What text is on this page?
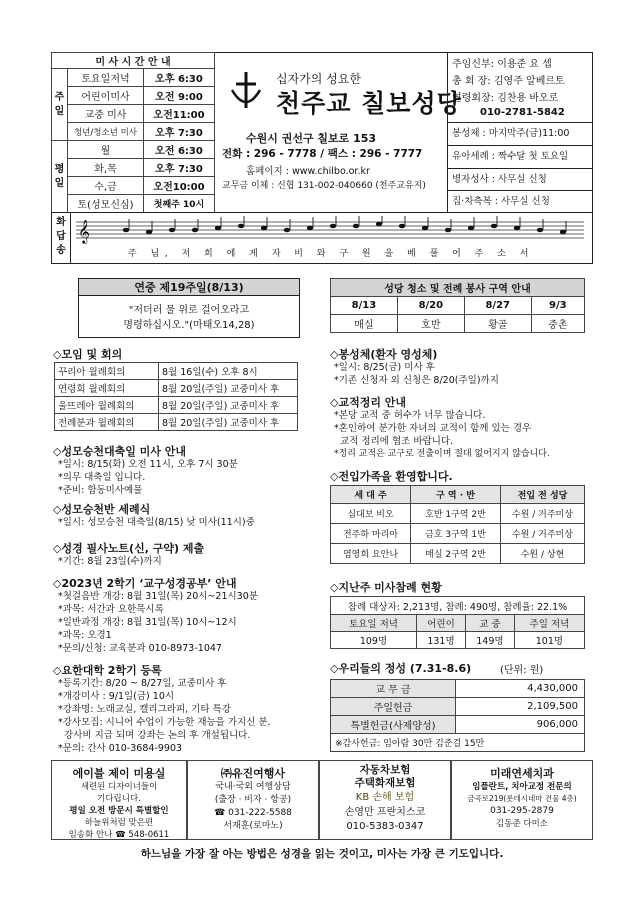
미 사 시 간 안 내		
주일	토요일저녁	오후 6:30
	어린이미사	오전 9:00
	교중 미사	오전11:00
	청년/청소년 미사	오후 7:30
평일	월	오전 6:30
	화,목	오후 7:30
	수,금	오전10:00
	토(성모신심)	첫째주 10시
십자가의 성요한
천주교 칠보성당
수원시 권선구 칠보로 153
전화 : 296 - 7778 / 팩스 : 296 - 7777
홈페이지 : www.chilbo.or.kr
교무금 이체 : 신협 131-002-040660 (천주교유지)
주임신부: 이용준 요 셉
총 회 장: 김영주 알베르토
연령회장: 김찬용 바오로
010-2781-5842
봉성체 : 마지막주(금)11:00
유아세례 : 짝수달 첫 토요일
병자성사 : 사무실 신청
집·차축복 : 사무실 신청
화답송
𝄞
주 님, 저 희 에 게 자 비 와 구 원 을 베 풀 어 주 소 서
연중 제19주일(8/13)
"저더러 물 위로 걸어오라고
명령하십시오."(마태오14,28)
성당 청소 및 전례 봉사 구역 안내			
8/13	8/20	8/27	9/3
매실	호반	황골	중촌
◇모임 및 회의
꾸리아 월례회의	8월 16일(수) 오후 8시
연령회 월례회의	8월 20일(주일) 교중미사 후
울뜨레아 월례회의	8월 20일(주일) 교중미사 후
전례분과 월례회의	8월 20일(주일) 교중미사 후
◇성모승천대축일 미사 안내
*일시: 8/15(화) 오전 11시, 오후 7시 30분
*의무 대축일 입니다.
*준비: 합동미사예물
◇성모승천반 세례식
*일시: 성모승천 대축일(8/15) 낮 미사(11시)중
◇성경 필사노트(신, 구약) 제출
*기간: 8월 23일(수)까지
◇2023년 2학기 ‘교구성경공부’ 안내
*첫걸음반 개강: 8월 31일(목) 20시~21시30분
*과목: 서간과 요한묵시록
*일반과정 개강: 8월 31일(목) 10시~12시
*과목: 오경1
*문의/신청: 교육분과 010-8973-1047
◇요한대학 2학기 등록
*등록기간: 8/20 ~ 8/27일, 교중미사 후
*개강미사 : 9/1일(금) 10시
*강좌명: 노래교실, 캘리그라피, 기타 특강
*강사모집: 시니어 수업이 가능한 재능을 가지신 분.
강사비 지급 되며 강좌는 논의 후 개설됩니다.
*문의: 간사 010-3684-9903
◇봉성체(환자 영성체)
*일시: 8/25(금) 미사 후
*기존 신청자 외 신청은 8/20(주일)까지
◇교적정리 안내
*본당 교적 중 허수가 너무 많습니다.
*혼인하여 분가한 자녀의 교적이 함께 있는 경우
교적 정리에 협조 바랍니다.
*정리 교적은 교구로 전출이며 절대 없어지지 않습니다.
◇전입가족을 환영합니다.
세 대 주	구 역 · 반	전입 전 성당
심대보 비오	호반 1구역 2반	수원 / 거주미상
전주하 마리아	금호 3구역 1반	수원 / 거주미상
염영희 요안나	매실 2구역 2반	수원 / 상현
◇지난주 미사참례 현황
참례 대상자: 2,213명, 참례: 490명, 참례율: 22.1%			
토요일 저녁	어린이	교 중	주일 저녁
109명	131명	149명	101명
◇우리들의 정성 (7.31-8.6)	(단위: 원)
교 무 금	4,430,000
주일헌금	2,109,500
특별헌금(사제양성)	906,000
※감사헌금: 임아람 30만 김준걸 15만	
에이블 제이 미용실
세련된 디자이너들이
기다립니다.
평일 오전 방문시 특별할인
하늘위처럼 맞은편
임송화 안나 ☎ 548-0611
㈜유진여행사
국내·국외 여행상담
(출장 · 비자 · 항공)
☎ 031-222-5588
서재훈(로마노)
자동차보험
주택화재보험
KB 손해 보험
손영만 프란치스코
010-5383-0347
미래연세치과
임플란트, 치아교정 전문의
금곡로219(롯데시네마 건물 4층)
031-295-2879
김동준 다미소
하느님을 가장 잘 아는 방법은 성경을 읽는 것이고, 미사는 가장 큰 기도입니다.
